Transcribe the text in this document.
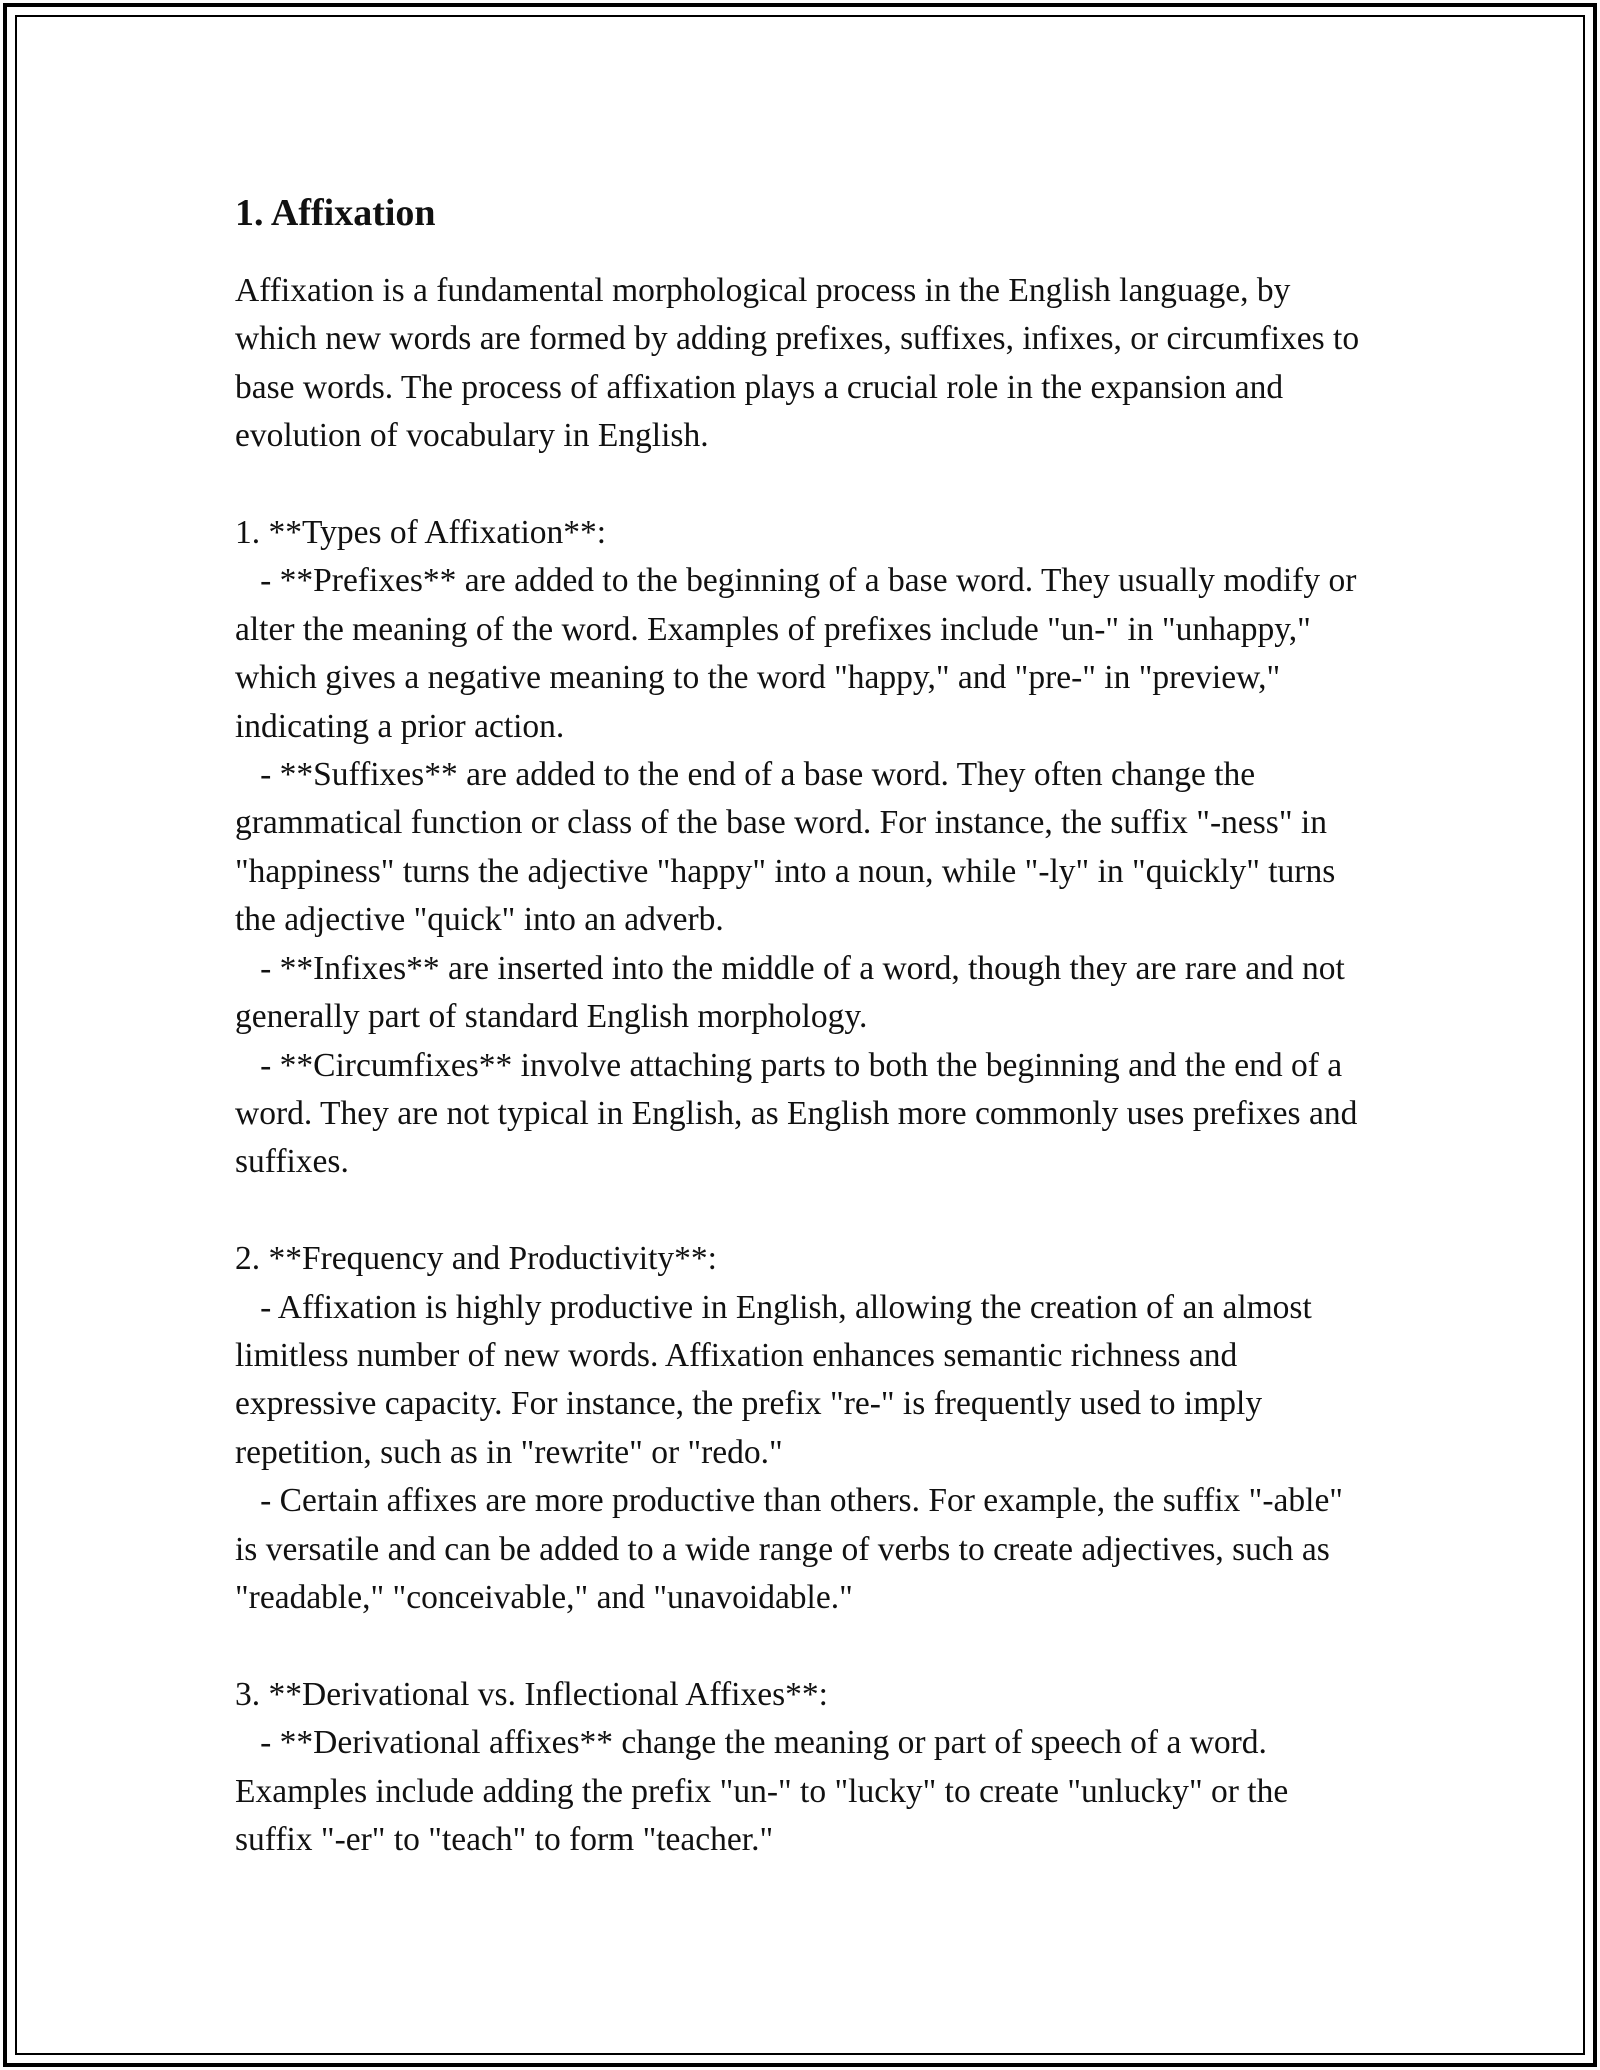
1. Affixation

Affixation is a fundamental morphological process in the English language, by which new words are formed by adding prefixes, suffixes, infixes, or circumfixes to base words. The process of affixation plays a crucial role in the expansion and evolution of vocabulary in English.

1. **Types of Affixation**:
- **Prefixes** are added to the beginning of a base word. They usually modify or alter the meaning of the word. Examples of prefixes include "un-" in "unhappy," which gives a negative meaning to the word "happy," and "pre-" in "preview," indicating a prior action.
- **Suffixes** are added to the end of a base word. They often change the grammatical function or class of the base word. For instance, the suffix "-ness" in "happiness" turns the adjective "happy" into a noun, while "-ly" in "quickly" turns the adjective "quick" into an adverb.
- **Infixes** are inserted into the middle of a word, though they are rare and not generally part of standard English morphology.
- **Circumfixes** involve attaching parts to both the beginning and the end of a word. They are not typical in English, as English more commonly uses prefixes and suffixes.

2. **Frequency and Productivity**:
- Affixation is highly productive in English, allowing the creation of an almost limitless number of new words. Affixation enhances semantic richness and expressive capacity. For instance, the prefix "re-" is frequently used to imply repetition, such as in "rewrite" or "redo."
- Certain affixes are more productive than others. For example, the suffix "-able" is versatile and can be added to a wide range of verbs to create adjectives, such as "readable," "conceivable," and "unavoidable."

3. **Derivational vs. Inflectional Affixes**:
- **Derivational affixes** change the meaning or part of speech of a word. Examples include adding the prefix "un-" to "lucky" to create "unlucky" or the suffix "-er" to "teach" to form "teacher."
